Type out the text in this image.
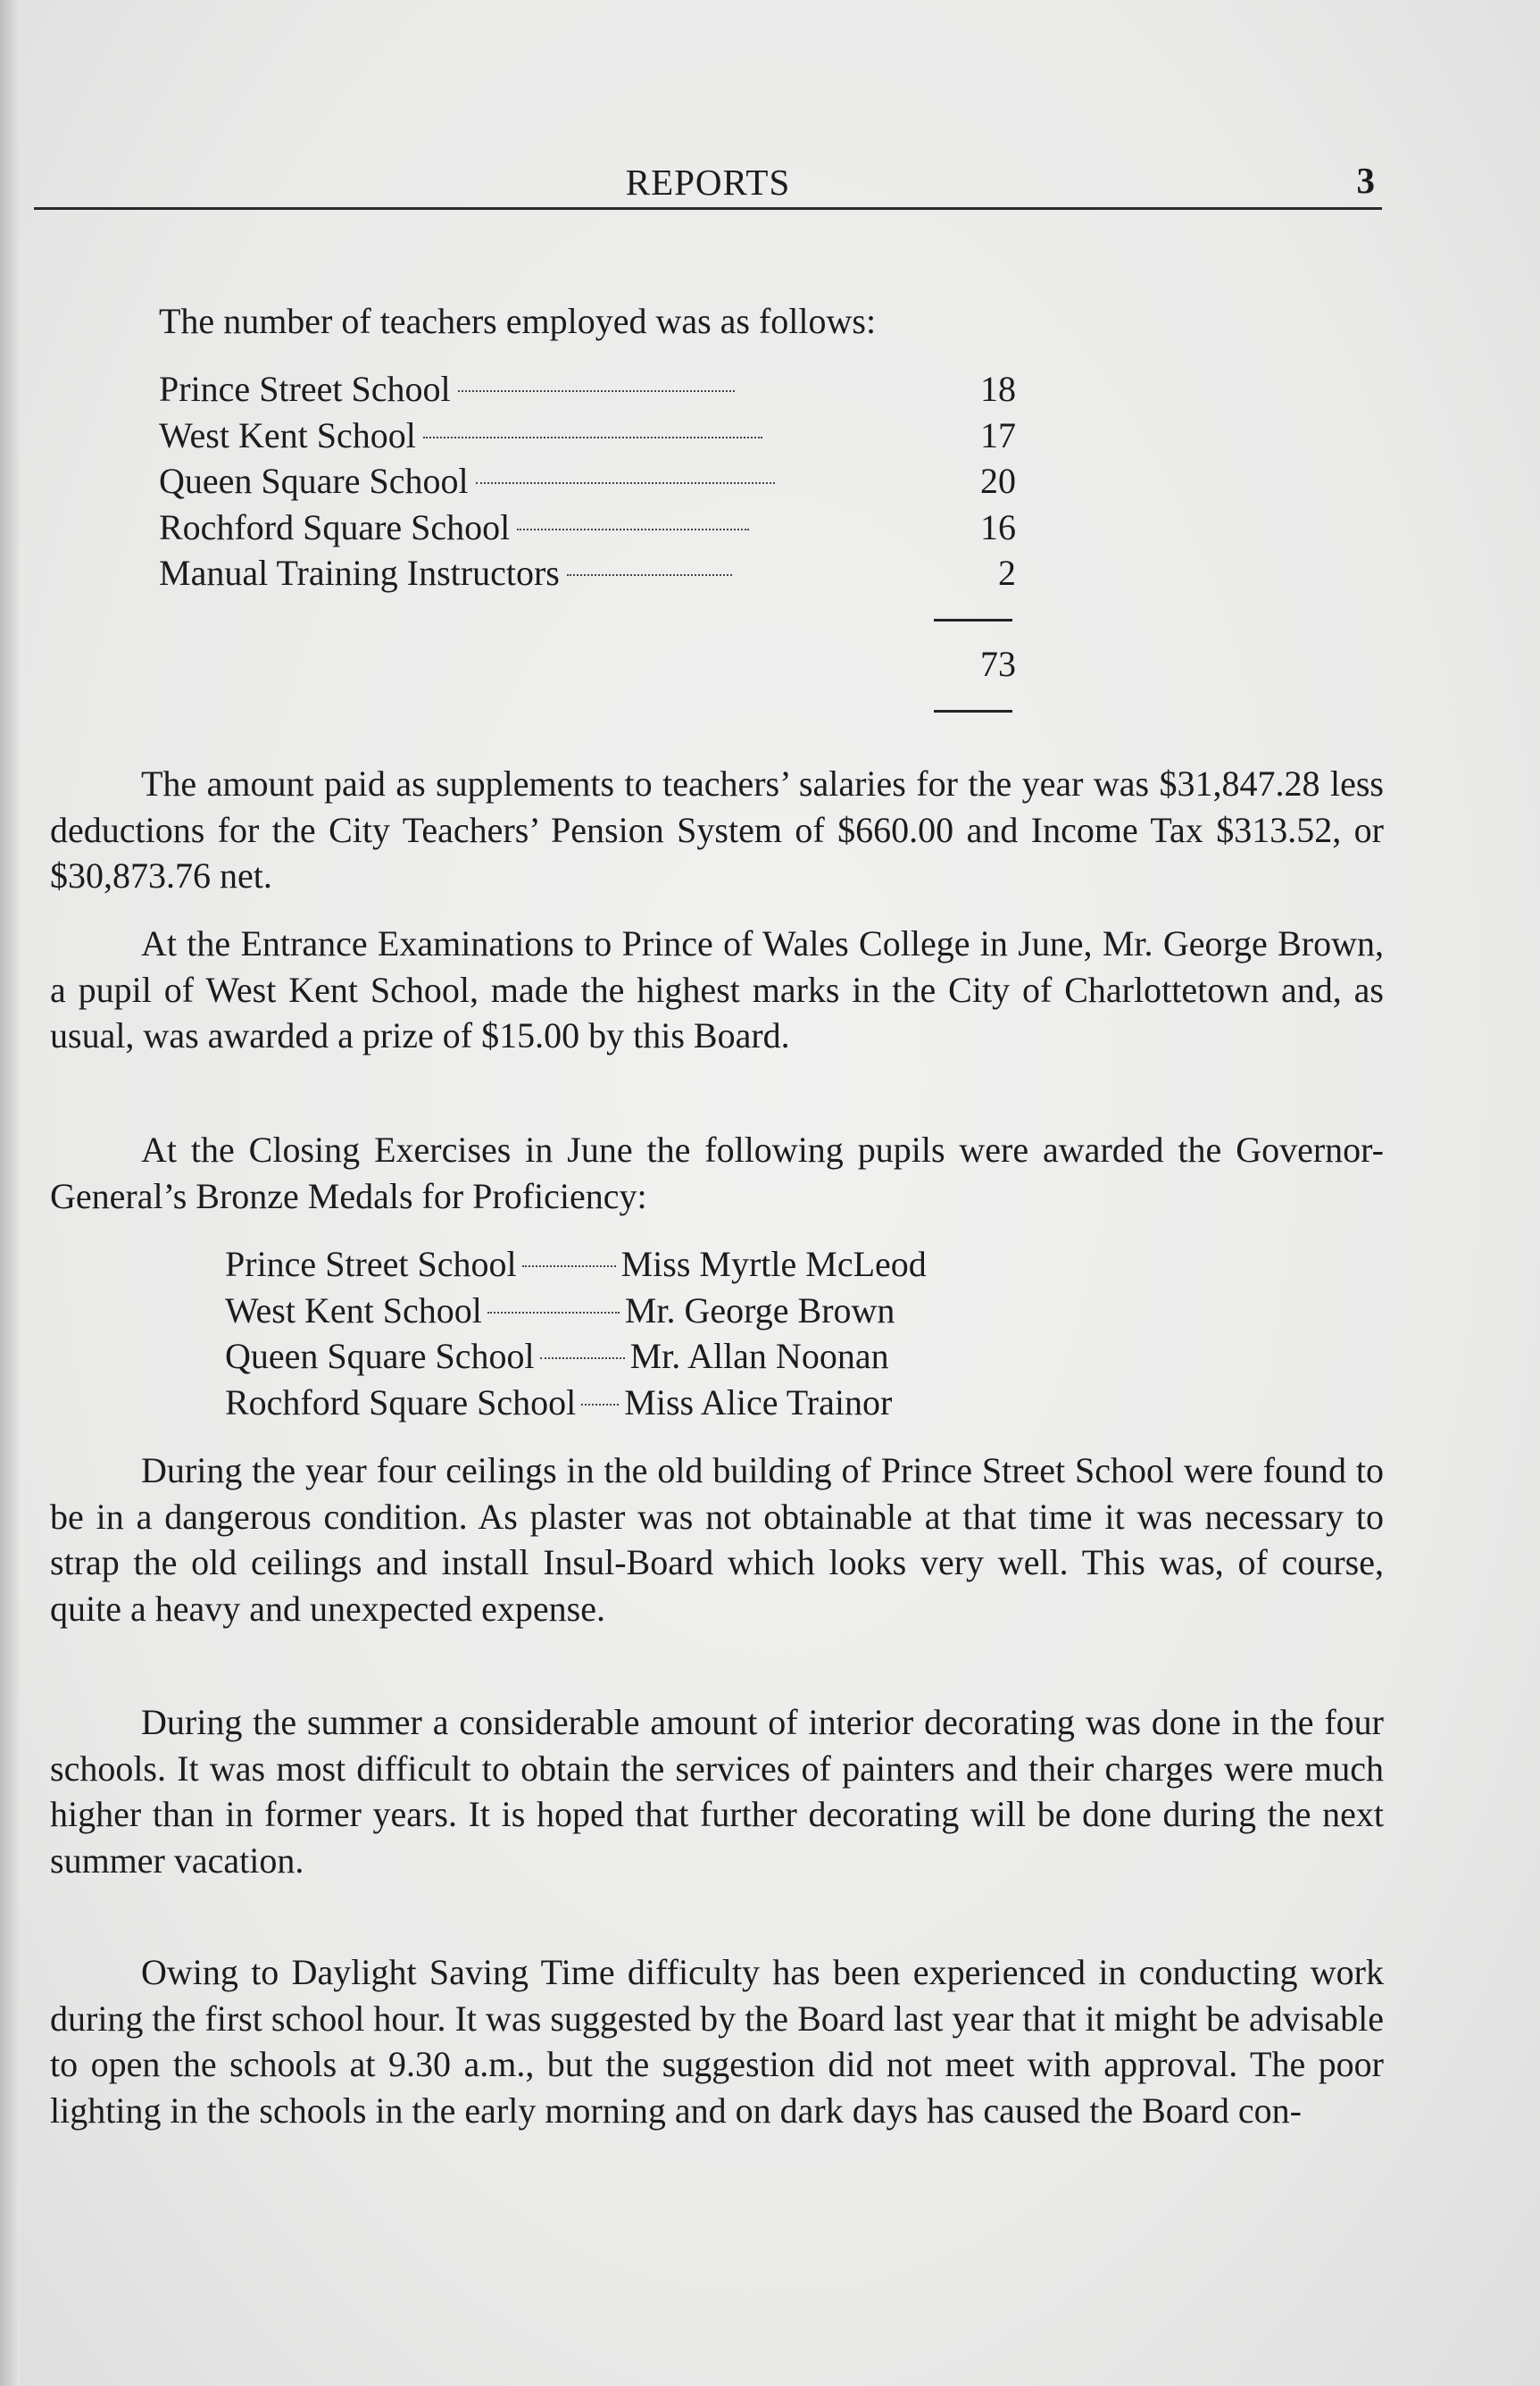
REPORTS	3
The number of teachers employed was as follows:
Prince Street School	18
West Kent School	17
Queen Square School	20
Rochford Square School	16
Manual Training Instructors	2
73

The amount paid as supplements to teachers’ salaries for the year was $31,847.28 less deductions for the City Teachers’ Pension System of $660.00 and Income Tax $313.52, or $30,873.76 net.

At the Entrance Examinations to Prince of Wales College in June, Mr. George Brown, a pupil of West Kent School, made the highest marks in the City of Charlottetown and, as usual, was awarded a prize of $15.00 by this Board.

At the Closing Exercises in June the following pupils were awarded the Governor-General’s Bronze Medals for Proficiency:

Prince Street School	Miss Myrtle McLeod
West Kent School	Mr. George Brown
Queen Square School	Mr. Allan Noonan
Rochford Square School Miss Alice Trainor

During the year four ceilings in the old building of Prince Street School were found to be in a dangerous condition. As plaster was not obtainable at that time it was necessary to strap the old ceilings and install Insul-Board which looks very well. This was, of course, quite a heavy and unexpected expense.

During the summer a considerable amount of interior decorating was done in the four schools. It was most difficult to obtain the services of painters and their charges were much higher than in former years. It is hoped that further decorating will be done during the next summer vacation.

Owing to Daylight Saving Time difficulty has been experienced in conducting work during the first school hour. It was suggested by the Board last year that it might be advisable to open the schools at 9.30 a.m., but the suggestion did not meet with approval. The poor lighting in the schools in the early morning and on dark days has caused the Board con-
